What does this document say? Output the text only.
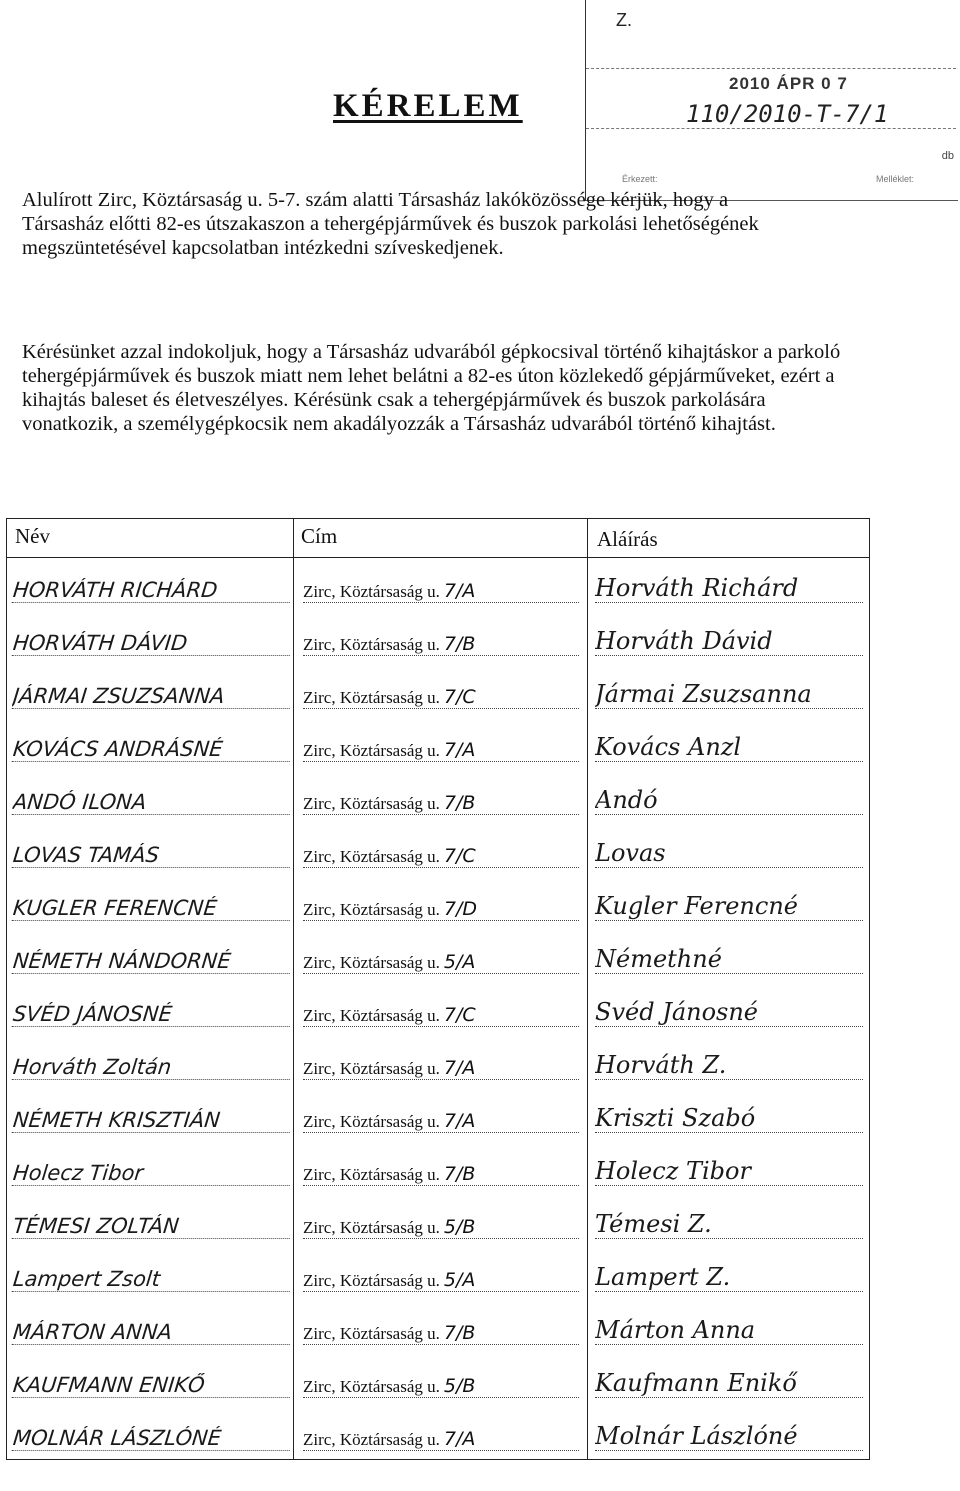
KÉRELEM
Z.
2010 ÁPR 0 7
110/2010-T-7/1
db
Érkezett:	Melléklet:

Alulírott Zirc, Köztársaság u. 5-7. szám alatti Társasház lakóközössége kérjük, hogy a Társasház előtti 82-es útszakaszon a tehergépjárművek és buszok parkolási lehetőségének megszüntetésével kapcsolatban intézkedni szíveskedjenek.

Kérésünket azzal indokoljuk, hogy a Társasház udvarából gépkocsival történő kihajtáskor a parkoló tehergépjárművek és buszok miatt nem lehet belátni a 82-es úton közlekedő gépjárműveket, ezért a kihajtás baleset és életveszélyes. Kérésünk csak a tehergépjárművek és buszok parkolására vonatkozik, a személygépkocsik nem akadályozzák a Társasház udvarából történő kihajtást.

Név	Cím	Aláírás
HORVÁTH RICHÁRD	Zirc, Köztársaság u. 7/A	Horváth Richárd
HORVÁTH DÁVID	Zirc, Köztársaság u. 7/B	Horváth Dávid
JÁRMAI ZSUZSANNA	Zirc, Köztársaság u. 7/C	Jármai Zsuzsanna
KOVÁCS ANDRÁSNÉ	Zirc, Köztársaság u. 7/A	Kovács Anzl
ANDÓ ILONA	Zirc, Köztársaság u. 7/B	Andó
LOVAS TAMÁS	Zirc, Köztársaság u. 7/C	Lovas
KUGLER FERENCNÉ	Zirc, Köztársaság u. 7/D	Kugler Ferencné
NÉMETH NÁNDORNÉ	Zirc, Köztársaság u. 5/A	Némethné
SVÉD JÁNOSNÉ	Zirc, Köztársaság u. 7/C	Svéd Jánosné
Horváth Zoltán	Zirc, Köztársaság u. 7/A	Horváth Z.
NÉMETH KRISZTIÁN	Zirc, Köztársaság u. 7/A	Kriszti Szabó
Holecz Tibor	Zirc, Köztársaság u. 7/B	Holecz Tibor
TÉMESI ZOLTÁN	Zirc, Köztársaság u. 5/B	Témesi Z.
Lampert Zsolt	Zirc, Köztársaság u. 5/A	Lampert Z.
MÁRTON ANNA	Zirc, Köztársaság u. 7/B	Márton Anna
KAUFMANN ENIKŐ	Zirc, Köztársaság u. 5/B	Kaufmann Enikő
MOLNÁR LÁSZLÓNÉ	Zirc, Köztársaság u. 7/A	Molnár Lászlóné
